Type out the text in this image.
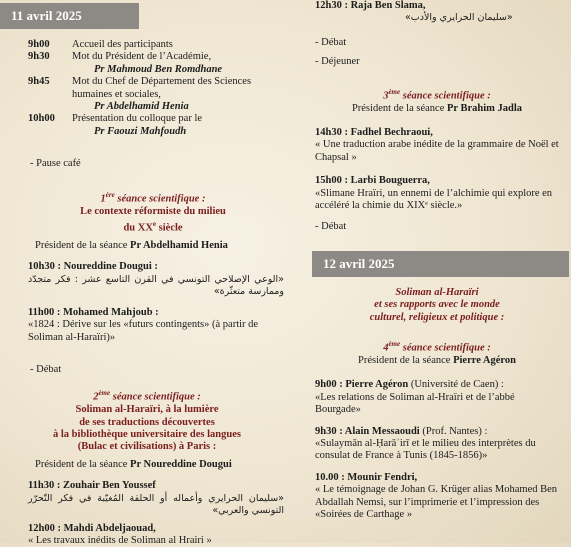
11 avril 2025
9h00	Accueil des participants
9h30	Mot du Président de l’Académie,
Pr Mahmoud Ben Romdhane
9h45	Mot du Chef de Département des Sciences humaines et sociales,
Pr Abdelhamid Henia
10h00	Présentation du colloque par le
Pr Faouzi Mahfoudh
- Pause café
1ère séance scientifique :
Le contexte réformiste du milieu
du XXe siècle
Président de la séance Pr Abdelhamid Henia
10h30 : Noureddine Dougui :
«الوعي الإصلاحي التونسي في القرن التاسع عشر : فكر متجدّد وممارسة متعثّرة»
11h00 : Mohamed Mahjoub :
«1824 : Dérive sur les «futurs contingents» (à partir de Soliman al-Haraïri)»
- Débat
2ème séance scientifique :
Soliman al-Haraïri, à la lumière
de ses traductions découvertes
à la bibliothèque universitaire des langues
(Bulac et civilisations) à Paris :
Président de la séance Pr Noureddine Dougui
11h30 : Zouhair Ben Youssef
«سليمان الحرايري وأعماله أو الحلقة المُغيّبة في فكر التّحرّر التونسي والعربي»
12h00 : Mahdi Abdeljaouad,
« Les travaux inédits de Soliman al Hrairi »
12h30 : Raja Ben Slama,
«سليمان الحرايري والأدب»
- Débat
- Déjeuner
3ème séance scientifique :
Président de la séance Pr Brahim Jadla
14h30 : Fadhel Bechraoui,
« Une traduction arabe inédite de la grammaire de Noël et Chapsal »
15h00 : Larbi Bouguerra,
«Slimane Hraïri, un ennemi de l’alchimie qui explore en accéléré la chimie du XIXᵉ siècle.»
- Débat
12 avril 2025
Soliman al-Haraïri
et ses rapports avec le monde
culturel, religieux et politique :
4ème séance scientifique :
Président de la séance Pierre Agéron
9h00 : Pierre Agéron (Université de Caen) :
«Les relations de Soliman al-Hraïri et de l’abbé Bourgade»
9h30 : Alain Messaoudi (Prof. Nantes) :
«Sulaymān al-Ḥarāʾirī et le milieu des interprètes du consulat de France à Tunis (1845-1856)»
10.00 : Mounir Fendri,
« Le témoignage de Johan G. Krüger alias Mohamed Ben Abdallah Nemsi, sur l’imprimerie et l’impression des «Soirées de Carthage »
